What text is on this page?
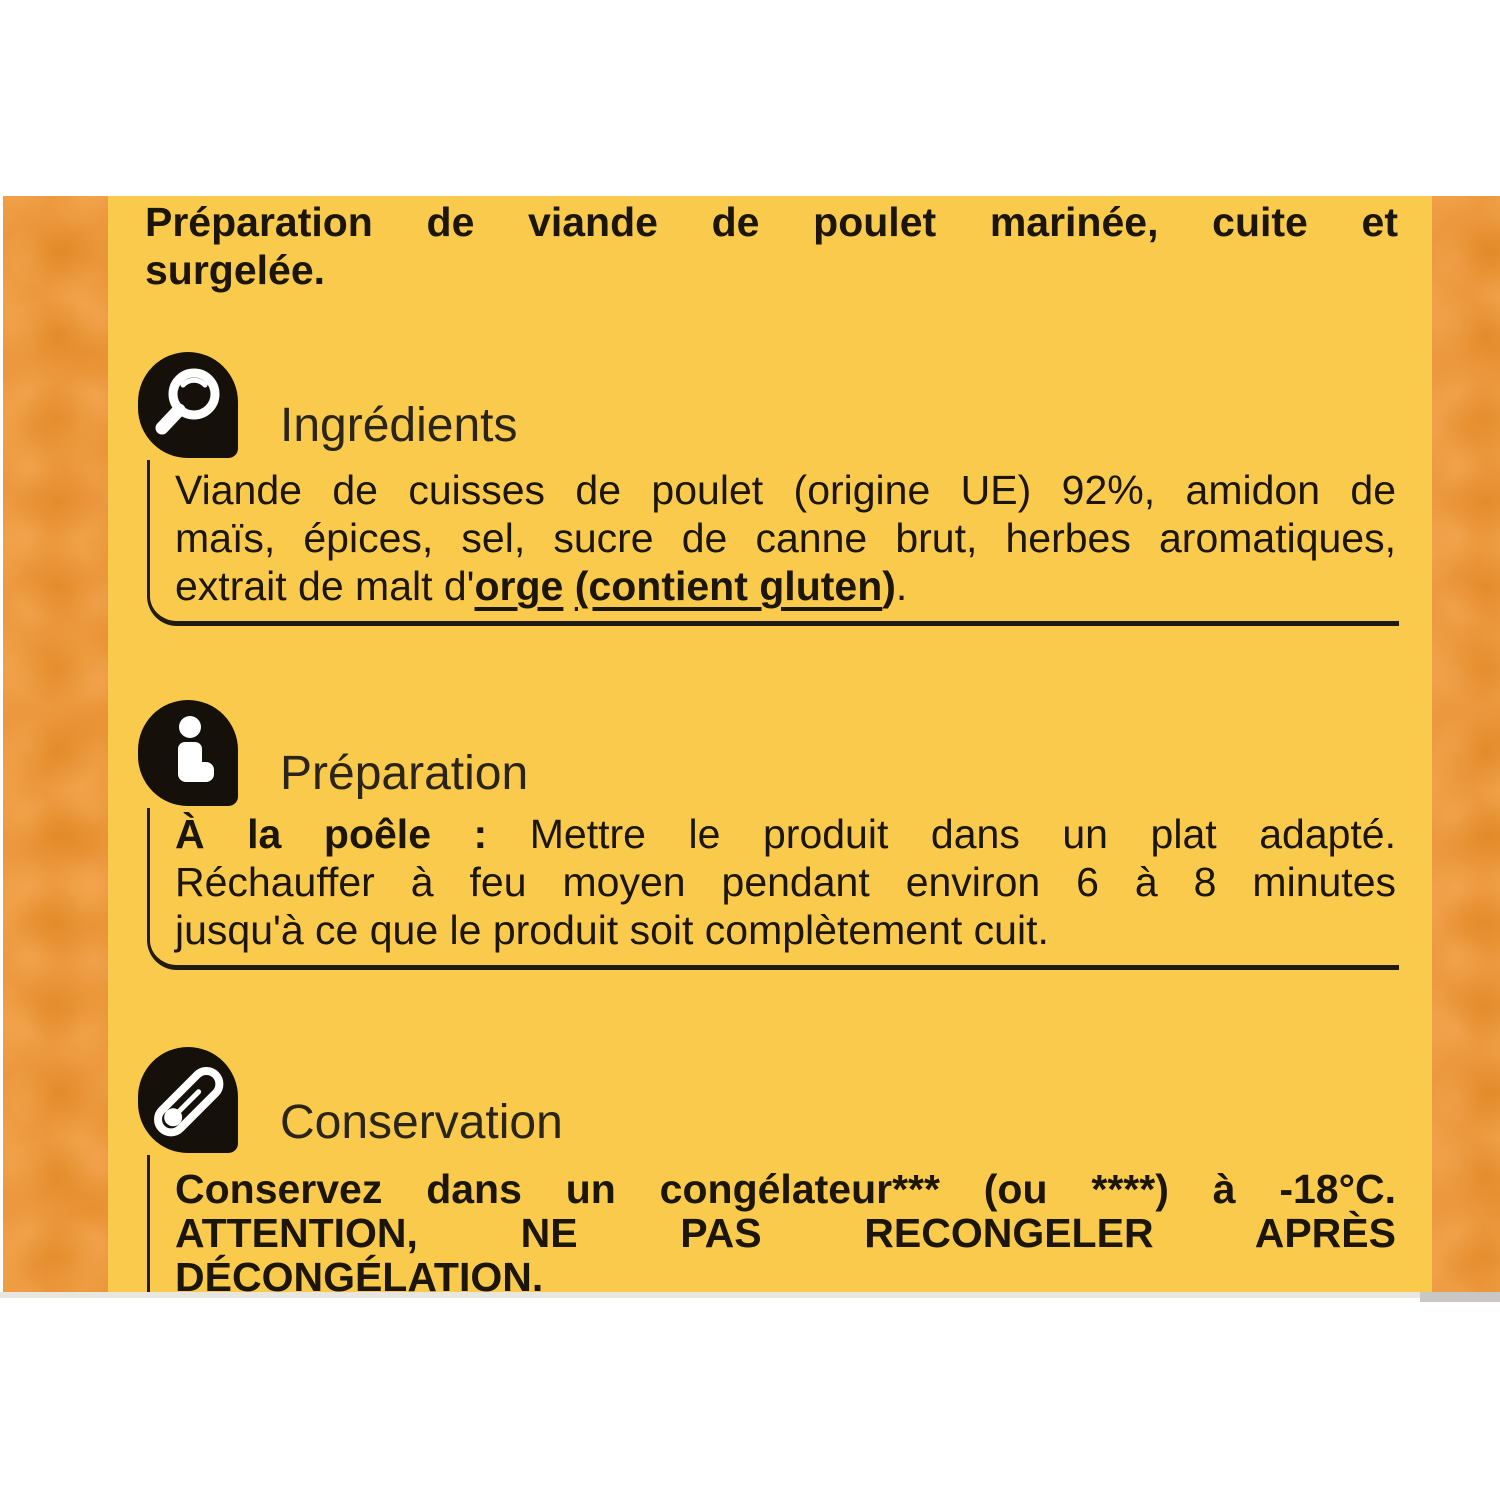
Préparation de viande de poulet marinée, cuite et
surgelée.
Ingrédients
Viande de cuisses de poulet (origine UE) 92%, amidon de
maïs, épices, sel, sucre de canne brut, herbes aromatiques,
extrait de malt d'orge (contient gluten).
Préparation
À la poêle : Mettre le produit dans un plat adapté.
Réchauffer à feu moyen pendant environ 6 à 8 minutes
jusqu'à ce que le produit soit complètement cuit.
Conservation
Conservez dans un congélateur*** (ou ****) à -18°C.
ATTENTION, NE PAS RECONGELER APRÈS
DÉCONGÉLATION.
